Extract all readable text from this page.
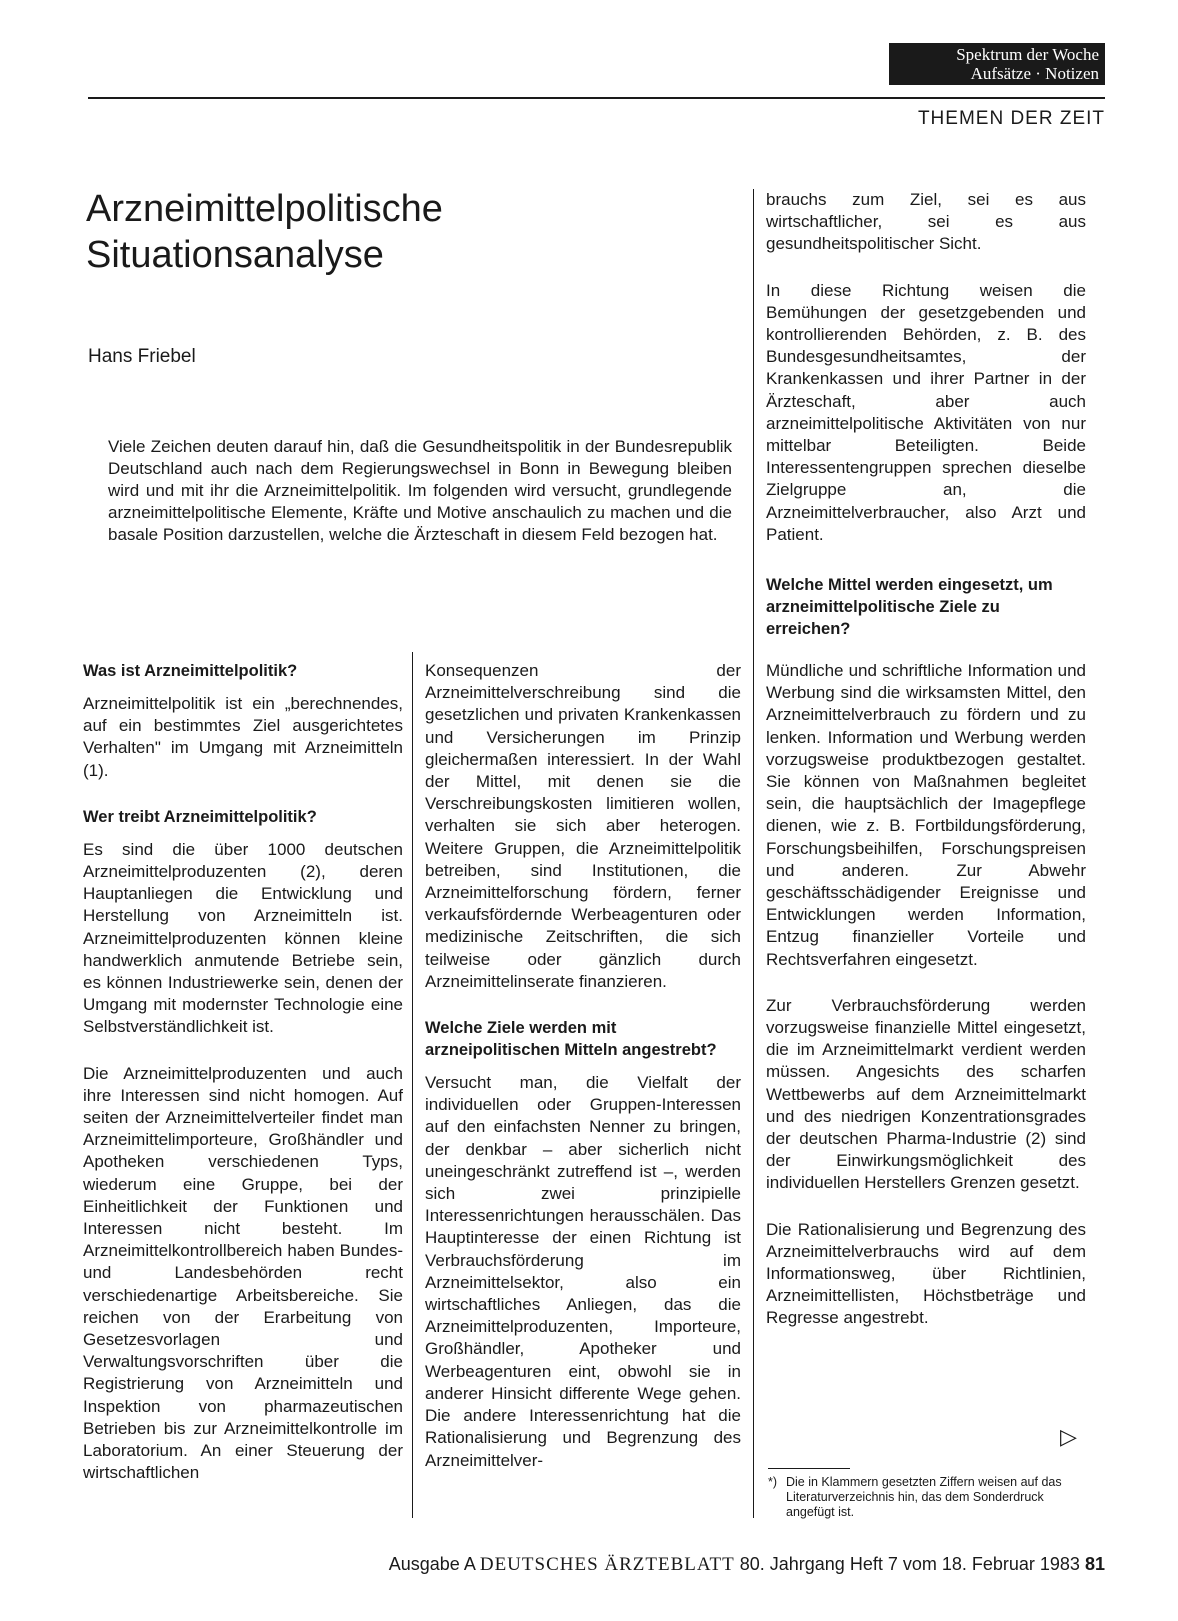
Spektrum der Woche
Aufsätze · Notizen
THEMEN DER ZEIT
Arzneimittelpolitische
Situationsanalyse
Hans Friebel
Viele Zeichen deuten darauf hin, daß die Gesundheitspolitik in der Bundesrepublik Deutschland auch nach dem Regierungswechsel in Bonn in Bewegung bleiben wird und mit ihr die Arzneimittelpolitik. Im folgenden wird versucht, grundlegende arzneimittelpolitische Elemente, Kräfte und Motive anschaulich zu machen und die basale Position darzustellen, welche die Ärzteschaft in diesem Feld bezogen hat.
Was ist Arzneimittelpolitik?

Arzneimittelpolitik ist ein „berechnendes, auf ein bestimmtes Ziel ausgerichtetes Verhalten" im Umgang mit Arzneimitteln (1).

Wer treibt Arzneimittelpolitik?

Es sind die über 1000 deutschen Arzneimittelproduzenten (2), deren Hauptanliegen die Entwicklung und Herstellung von Arzneimitteln ist. Arzneimittelproduzenten können kleine handwerklich anmutende Betriebe sein, es können Industriewerke sein, denen der Umgang mit modernster Technologie eine Selbstverständlichkeit ist.

Die Arzneimittelproduzenten und auch ihre Interessen sind nicht homogen. Auf seiten der Arzneimittelverteiler findet man Arzneimittelimporteure, Großhändler und Apotheken verschiedenen Typs, wiederum eine Gruppe, bei der Einheitlichkeit der Funktionen und Interessen nicht besteht. Im Arzneimittelkontrollbereich haben Bundes- und Landesbehörden recht verschiedenartige Arbeitsbereiche. Sie reichen von der Erarbeitung von Gesetzesvorlagen und Verwaltungsvorschriften über die Registrierung von Arzneimitteln und Inspektion von pharmazeutischen Betrieben bis zur Arzneimittelkontrolle im Laboratorium. An einer Steuerung der wirtschaftlichen

Konsequenzen der Arzneimittelverschreibung sind die gesetzlichen und privaten Krankenkassen und Versicherungen im Prinzip gleichermaßen interessiert. In der Wahl der Mittel, mit denen sie die Verschreibungskosten limitieren wollen, verhalten sie sich aber heterogen. Weitere Gruppen, die Arzneimittelpolitik betreiben, sind Institutionen, die Arzneimittelforschung fördern, ferner verkaufsfördernde Werbeagenturen oder medizinische Zeitschriften, die sich teilweise oder gänzlich durch Arzneimittelinserate finanzieren.

Welche Ziele werden mit arzneipolitischen Mitteln angestrebt?

Versucht man, die Vielfalt der individuellen oder Gruppen-Interessen auf den einfachsten Nenner zu bringen, der denkbar – aber sicherlich nicht uneingeschränkt zutreffend ist –, werden sich zwei prinzipielle Interessenrichtungen herausschälen. Das Hauptinteresse der einen Richtung ist Verbrauchsförderung im Arzneimittelsektor, also ein wirtschaftliches Anliegen, das die Arzneimittelproduzenten, Importeure, Großhändler, Apotheker und Werbeagenturen eint, obwohl sie in anderer Hinsicht differente Wege gehen. Die andere Interessenrichtung hat die Rationalisierung und Begrenzung des Arzneimittelver-

brauchs zum Ziel, sei es aus wirtschaftlicher, sei es aus gesundheitspolitischer Sicht.

In diese Richtung weisen die Bemühungen der gesetzgebenden und kontrollierenden Behörden, z. B. des Bundesgesundheitsamtes, der Krankenkassen und ihrer Partner in der Ärzteschaft, aber auch arzneimittelpolitische Aktivitäten von nur mittelbar Beteiligten. Beide Interessentengruppen sprechen dieselbe Zielgruppe an, die Arzneimittelverbraucher, also Arzt und Patient.

Welche Mittel werden eingesetzt, um arzneimittelpolitische Ziele zu erreichen?

Mündliche und schriftliche Information und Werbung sind die wirksamsten Mittel, den Arzneimittelverbrauch zu fördern und zu lenken. Information und Werbung werden vorzugsweise produktbezogen gestaltet. Sie können von Maßnahmen begleitet sein, die hauptsächlich der Imagepflege dienen, wie z. B. Fortbildungsförderung, Forschungsbeihilfen, Forschungspreisen und anderen. Zur Abwehr geschäftsschädigender Ereignisse und Entwicklungen werden Information, Entzug finanzieller Vorteile und Rechtsverfahren eingesetzt.

Zur Verbrauchsförderung werden vorzugsweise finanzielle Mittel eingesetzt, die im Arzneimittelmarkt verdient werden müssen. Angesichts des scharfen Wettbewerbs auf dem Arzneimittelmarkt und des niedrigen Konzentrationsgrades der deutschen Pharma-Industrie (2) sind der Einwirkungsmöglichkeit des individuellen Herstellers Grenzen gesetzt.

Die Rationalisierung und Begrenzung des Arzneimittelverbrauchs wird auf dem Informationsweg, über Richtlinien, Arzneimittellisten, Höchstbeträge und Regresse angestrebt.

▷
*) Die in Klammern gesetzten Ziffern weisen auf das Literaturverzeichnis hin, das dem Sonderdruck angefügt ist.
Ausgabe A DEUTSCHES ÄRZTEBLATT 80. Jahrgang Heft 7 vom 18. Februar 1983 81
